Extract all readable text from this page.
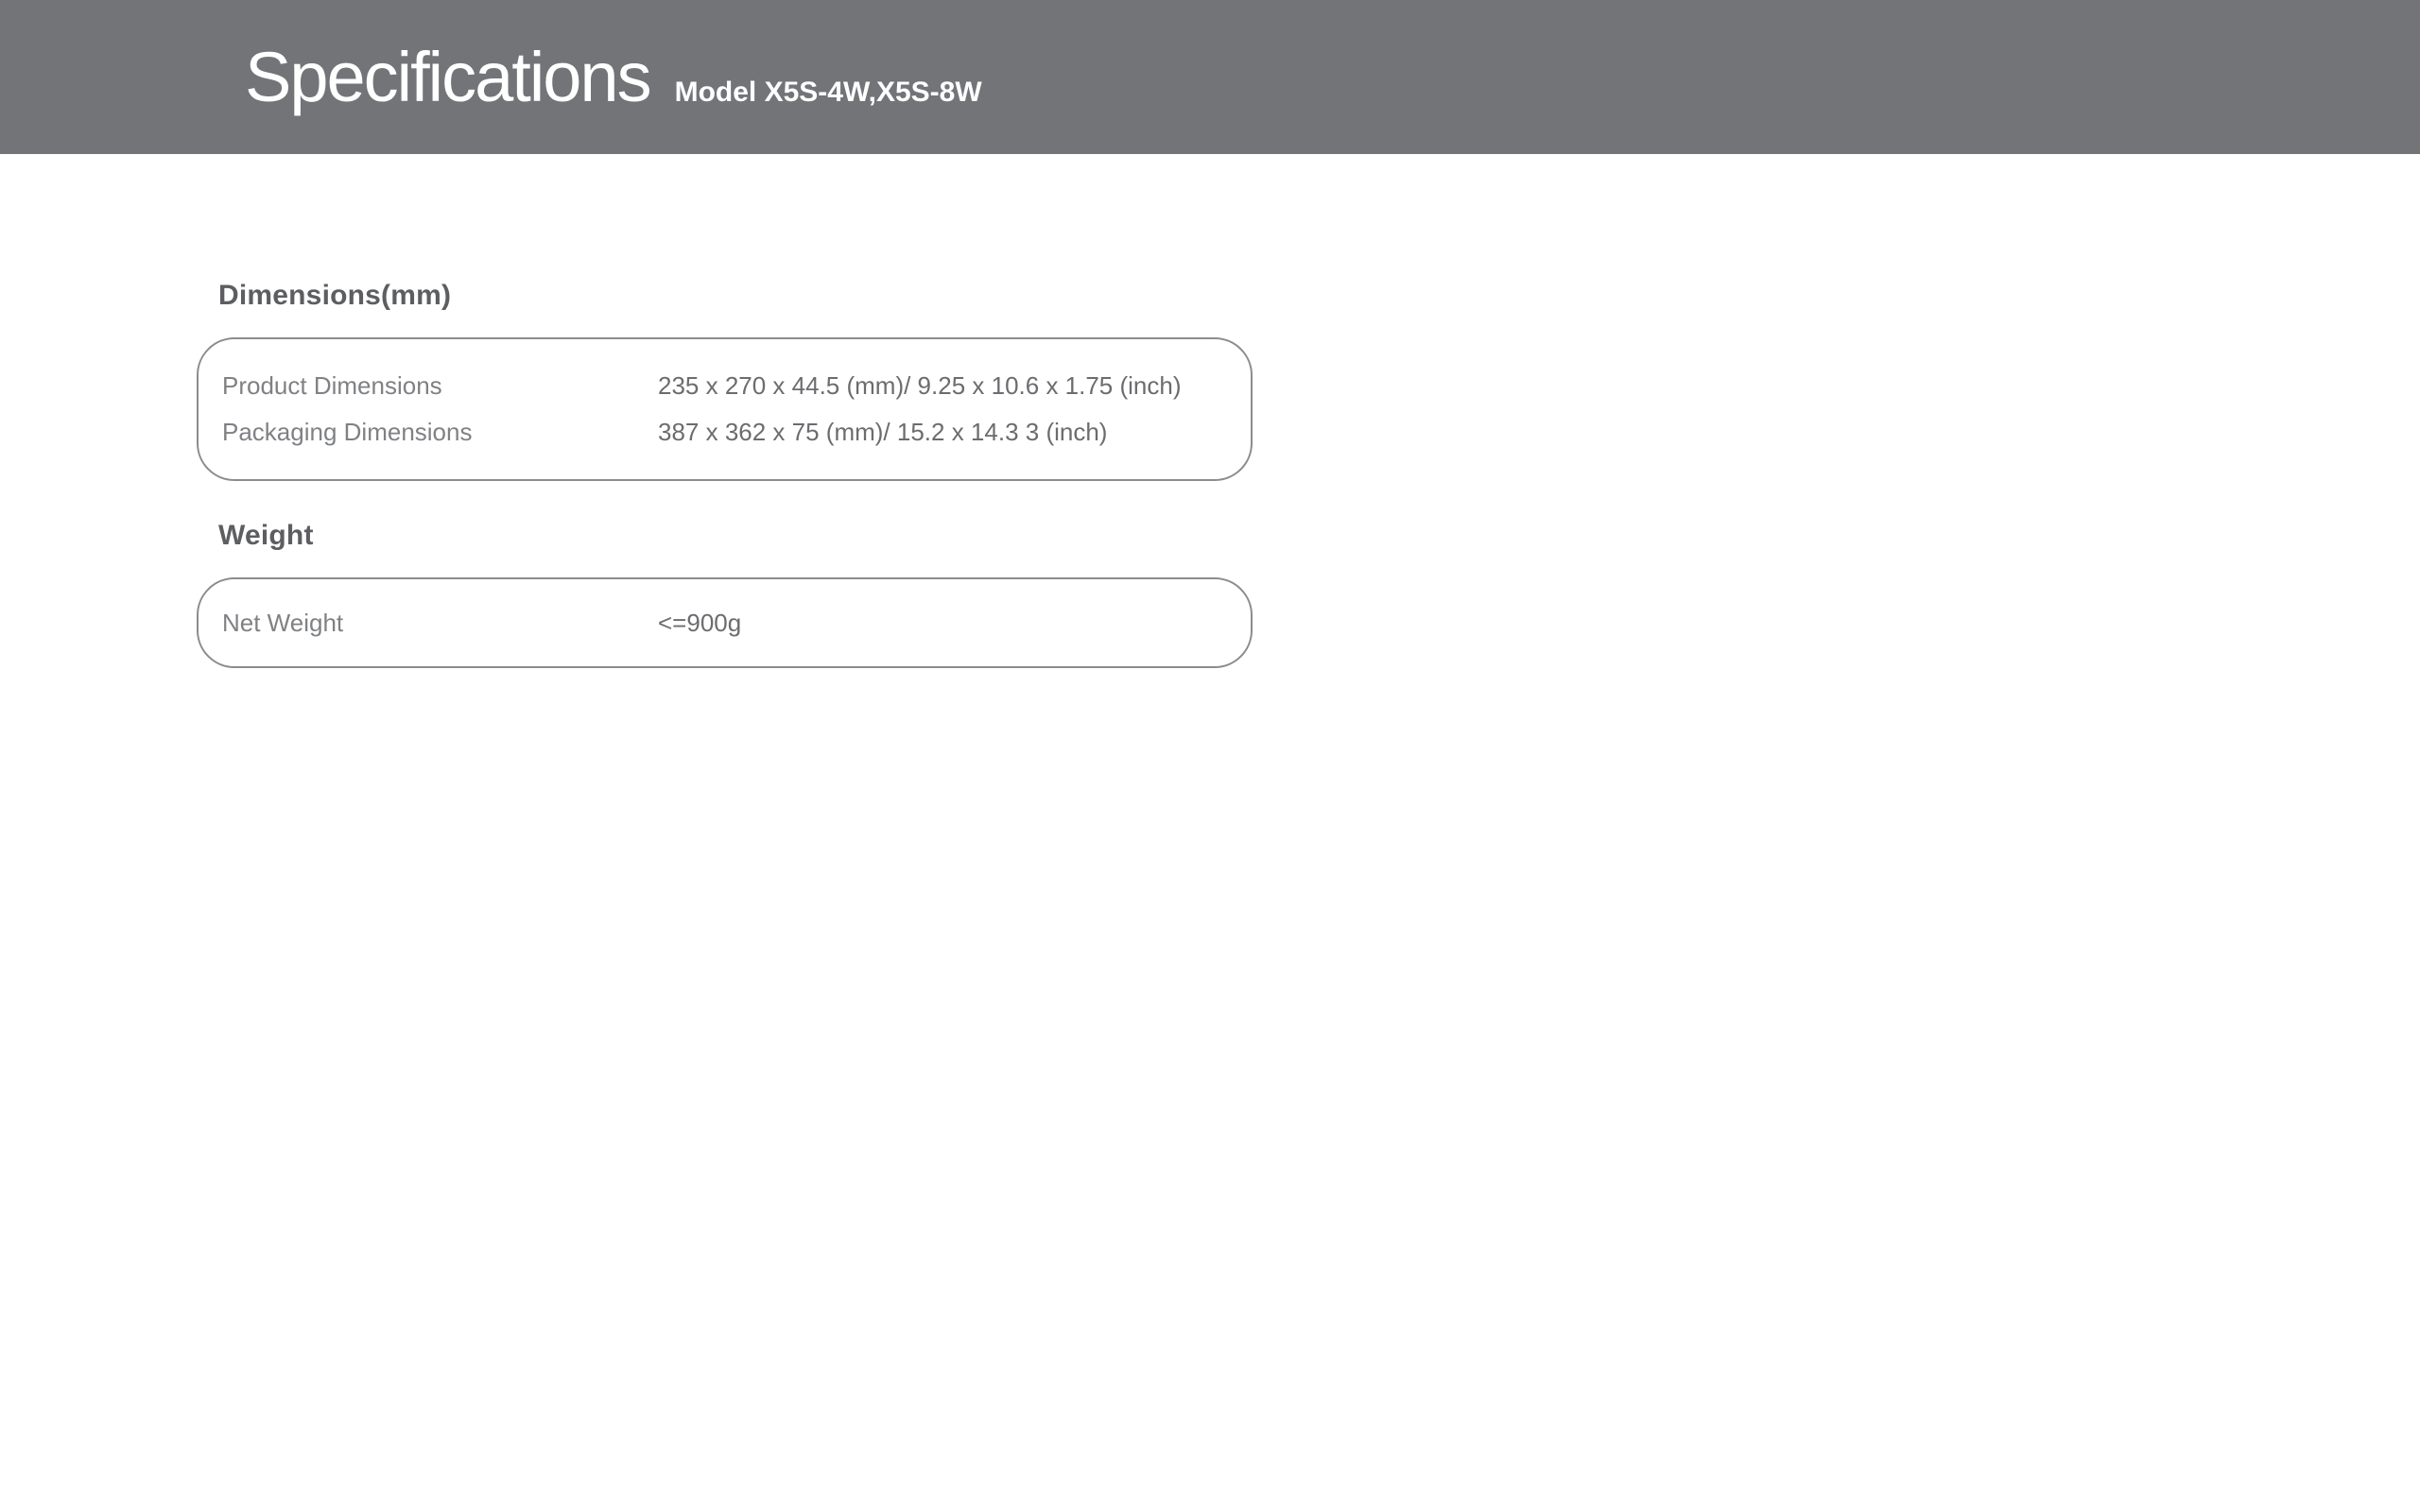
Specifications Model X5S-4W,X5S-8W
Dimensions(mm)
Product Dimensions	235 x 270 x 44.5 (mm)/ 9.25 x 10.6 x 1.75 (inch)
Packaging Dimensions	387 x 362 x 75 (mm)/ 15.2 x 14.3 3 (inch)
Weight
Net Weight	<=900g
